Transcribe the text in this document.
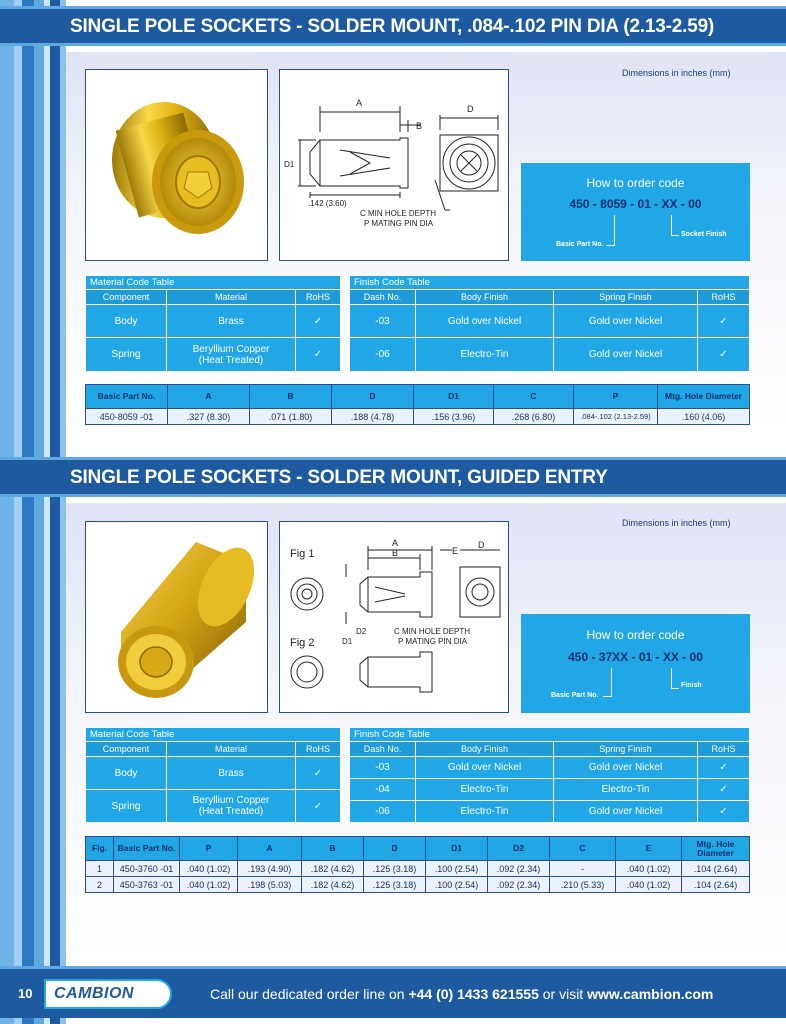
SINGLE POLE SOCKETS - SOLDER MOUNT, .084-.102 PIN DIA (2.13-2.59)
Dimensions in inches (mm)
A
B
D
D1
.142 (3.60)
C MIN HOLE DEPTH
P MATING PIN DIA
How to order code
450 - 8059 - 01 - XX - 00
Basic Part No.
Socket Finish
Material Code Table		
Component	Material	RoHS
Body	Brass	✓
Spring	Beryllium Copper (Heat Treated)	✓
Finish Code Table			
Dash No.	Body Finish	Spring Finish	RoHS
-03	Gold over Nickel	Gold over Nickel	✓
-06	Electro-Tin	Gold over Nickel	✓
Basic Part No.	A	B	D	D1	C	P	Mtg. Hole Diameter
450-8059 -01	.327 (8.30)	.071 (1.80)	.188 (4.78)	.156 (3.96)	.268 (6.80)	.084-.102 (2.13-2.59)	.160 (4.06)
SINGLE POLE SOCKETS - SOLDER MOUNT, GUIDED ENTRY
Dimensions in inches (mm)
Fig 1
Fig 2
A
B	E
D
D2
D1
C MIN HOLE DEPTH
P MATING PIN DIA	How to order code
450 - 37XX - 01 - XX - 00
Basic Part No.
Finish
Material Code Table		
Component	Material	RoHS
Body	Brass	✓
Spring	Beryllium Copper (Heat Treated)	✓
Finish Code Table			
Dash No.	Body Finish	Spring Finish	RoHS
-03	Gold over Nickel	Gold over Nickel	✓
-04	Electro-Tin	Electro-Tin	✓
-06	Electro-Tin	Gold over Nickel	✓
Fig.	Basic Part No.	P	A	B	D	D1	D2	C	E	Mtg. Hole Diameter
1	450-3760 -01	.040 (1.02)	.193 (4.90)	.182 (4.62)	.125 (3.18)	.100 (2.54)	.092 (2.34)	-	.040 (1.02)	.104 (2.64)
2	450-3763 -01	.040 (1.02)	.198 (5.03)	.182 (4.62)	.125 (3.18)	.100 (2.54)	.092 (2.34)	.210 (5.33)	.040 (1.02)	.104 (2.64)
10 CAMBION	Call our dedicated order line on +44 (0) 1433 621555 or visit www.cambion.com
